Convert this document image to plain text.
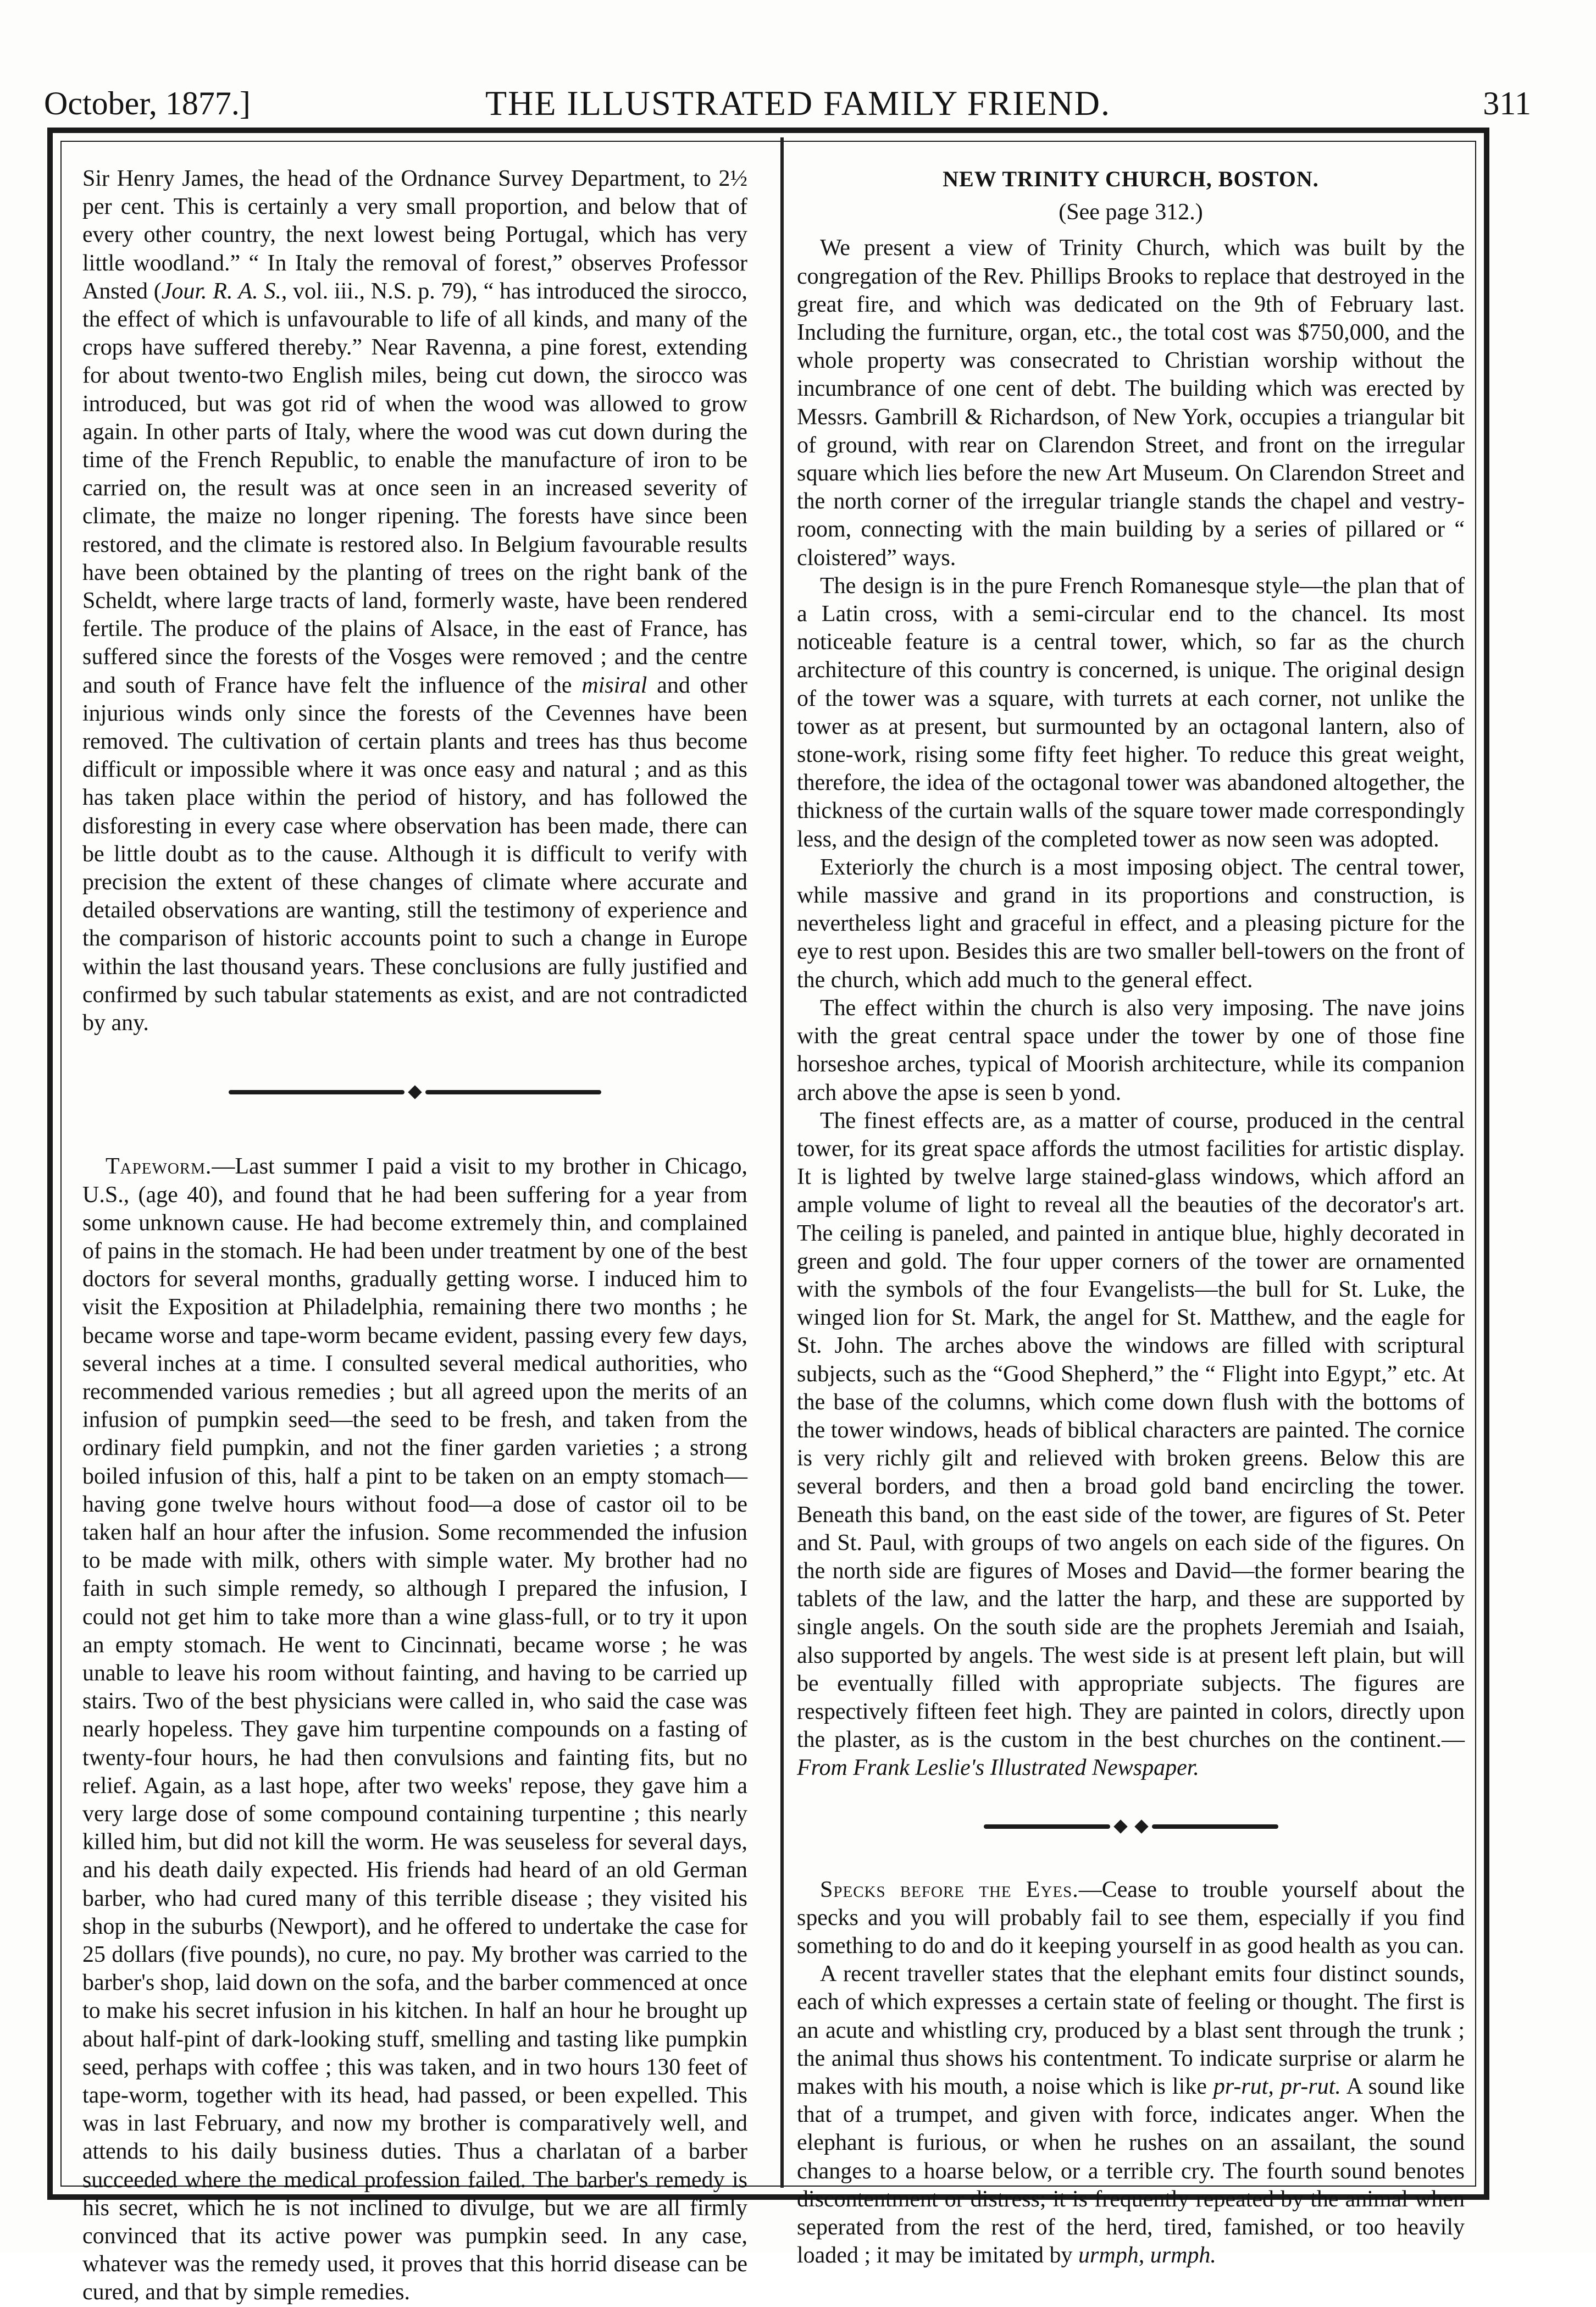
October, 1877.]	THE ILLUSTRATED FAMILY FRIEND.	311

Sir Henry James, the head of the Ordnance Survey Department, to 2½ per cent. This is certainly a very small proportion, and below that of every other country, the next lowest being Portugal, which has very little woodland.” “ In Italy the removal of forest,” observes Professor Ansted (Jour. R. A. S., vol. iii., N.S. p. 79), “ has introduced the sirocco, the effect of which is unfavourable to life of all kinds, and many of the crops have suffered thereby.” Near Ravenna, a pine forest, extending for about twento-two English miles, being cut down, the sirocco was introduced, but was got rid of when the wood was allowed to grow again. In other parts of Italy, where the wood was cut down during the time of the French Republic, to enable the manufacture of iron to be carried on, the result was at once seen in an increased severity of climate, the maize no longer ripening. The forests have since been restored, and the climate is restored also. In Belgium favourable results have been obtained by the planting of trees on the right bank of the Scheldt, where large tracts of land, formerly waste, have been rendered fertile. The produce of the plains of Alsace, in the east of France, has suffered since the forests of the Vosges were removed ; and the centre and south of France have felt the influence of the misiral and other injurious winds only since the forests of the Cevennes have been removed. The cultivation of certain plants and trees has thus become difficult or impossible where it was once easy and natural ; and as this has taken place within the period of history, and has followed the disforesting in every case where observation has been made, there can be little doubt as to the cause. Although it is difficult to verify with precision the extent of these changes of climate where accurate and detailed observations are wanting, still the testimony of experience and the comparison of historic accounts point to such a change in Europe within the last thousand years. These conclusions are fully justified and confirmed by such tabular statements as exist, and are not contradicted by any.

Tapeworm.—Last summer I paid a visit to my brother in Chicago, U.S., (age 40), and found that he had been suffering for a year from some unknown cause. He had become extremely thin, and complained of pains in the stomach. He had been under treatment by one of the best doctors for several months, gradually getting worse. I induced him to visit the Exposition at Philadelphia, remaining there two months ; he became worse and tape-worm became evident, passing every few days, several inches at a time. I consulted several medical authorities, who recommended various remedies ; but all agreed upon the merits of an infusion of pumpkin seed—the seed to be fresh, and taken from the ordinary field pumpkin, and not the finer garden varieties ; a strong boiled infusion of this, half a pint to be taken on an empty stomach—having gone twelve hours without food—a dose of castor oil to be taken half an hour after the infusion. Some recommended the infusion to be made with milk, others with simple water. My brother had no faith in such simple remedy, so although I prepared the infusion, I could not get him to take more than a wine glass-full, or to try it upon an empty stomach. He went to Cincinnati, became worse ; he was unable to leave his room without fainting, and having to be carried up stairs. Two of the best physicians were called in, who said the case was nearly hopeless. They gave him turpentine compounds on a fasting of twenty-four hours, he had then convulsions and fainting fits, but no relief. Again, as a last hope, after two weeks' repose, they gave him a very large dose of some compound containing turpentine ; this nearly killed him, but did not kill the worm. He was seuseless for several days, and his death daily expected. His friends had heard of an old German barber, who had cured many of this terrible disease ; they visited his shop in the suburbs (Newport), and he offered to undertake the case for 25 dollars (five pounds), no cure, no pay. My brother was carried to the barber's shop, laid down on the sofa, and the barber commenced at once to make his secret infusion in his kitchen. In half an hour he brought up about half-pint of dark-looking stuff, smelling and tasting like pumpkin seed, perhaps with coffee ; this was taken, and in two hours 130 feet of tape-worm, together with its head, had passed, or been expelled. This was in last February, and now my brother is comparatively well, and attends to his daily business duties. Thus a charlatan of a barber succeeded where the medical profession failed. The barber's remedy is his secret, which he is not inclined to divulge, but we are all firmly convinced that its active power was pumpkin seed. In any case, whatever was the remedy used, it proves that this horrid disease can be cured, and that by simple remedies.

NEW TRINITY CHURCH, BOSTON.
(See page 312.)

We present a view of Trinity Church, which was built by the congregation of the Rev. Phillips Brooks to replace that destroyed in the great fire, and which was dedicated on the 9th of February last. Including the furniture, organ, etc., the total cost was $750,000, and the whole property was consecrated to Christian worship without the incumbrance of one cent of debt. The building which was erected by Messrs. Gambrill & Richardson, of New York, occupies a triangular bit of ground, with rear on Clarendon Street, and front on the irregular square which lies before the new Art Museum. On Clarendon Street and the north corner of the irregular triangle stands the chapel and vestry-room, connecting with the main building by a series of pillared or “ cloistered” ways.

The design is in the pure French Romanesque style—the plan that of a Latin cross, with a semi-circular end to the chancel. Its most noticeable feature is a central tower, which, so far as the church architecture of this country is concerned, is unique. The original design of the tower was a square, with turrets at each corner, not unlike the tower as at present, but surmounted by an octagonal lantern, also of stone-work, rising some fifty feet higher. To reduce this great weight, therefore, the idea of the octagonal tower was abandoned altogether, the thickness of the curtain walls of the square tower made correspondingly less, and the design of the completed tower as now seen was adopted.

Exteriorly the church is a most imposing object. The central tower, while massive and grand in its proportions and construction, is nevertheless light and graceful in effect, and a pleasing picture for the eye to rest upon. Besides this are two smaller bell-towers on the front of the church, which add much to the general effect.

The effect within the church is also very imposing. The nave joins with the great central space under the tower by one of those fine horseshoe arches, typical of Moorish architecture, while its companion arch above the apse is seen b yond.

The finest effects are, as a matter of course, produced in the central tower, for its great space affords the utmost facilities for artistic display. It is lighted by twelve large stained-glass windows, which afford an ample volume of light to reveal all the beauties of the decorator's art. The ceiling is paneled, and painted in antique blue, highly decorated in green and gold. The four upper corners of the tower are ornamented with the symbols of the four Evangelists—the bull for St. Luke, the winged lion for St. Mark, the angel for St. Matthew, and the eagle for St. John. The arches above the windows are filled with scriptural subjects, such as the “Good Shepherd,” the “ Flight into Egypt,” etc. At the base of the columns, which come down flush with the bottoms of the tower windows, heads of biblical characters are painted. The cornice is very richly gilt and relieved with broken greens. Below this are several borders, and then a broad gold band encircling the tower. Beneath this band, on the east side of the tower, are figures of St. Peter and St. Paul, with groups of two angels on each side of the figures. On the north side are figures of Moses and David—the former bearing the tablets of the law, and the latter the harp, and these are supported by single angels. On the south side are the prophets Jeremiah and Isaiah, also supported by angels. The west side is at present left plain, but will be eventually filled with appropriate subjects. The figures are respectively fifteen feet high. They are painted in colors, directly upon the plaster, as is the custom in the best churches on the continent.—From Frank Leslie's Illustrated Newspaper.

Specks before the Eyes.—Cease to trouble yourself about the specks and you will probably fail to see them, especially if you find something to do and do it keeping yourself in as good health as you can.

A recent traveller states that the elephant emits four distinct sounds, each of which expresses a certain state of feeling or thought. The first is an acute and whistling cry, produced by a blast sent through the trunk ; the animal thus shows his contentment. To indicate surprise or alarm he makes with his mouth, a noise which is like pr-rut, pr-rut. A sound like that of a trumpet, and given with force, indicates anger. When the elephant is furious, or when he rushes on an assailant, the sound changes to a hoarse below, or a terrible cry. The fourth sound benotes discontentment or distress; it is frequently repeated by the animal when seperated from the rest of the herd, tired, famished, or too heavily loaded ; it may be imitated by urmph, urmph.
